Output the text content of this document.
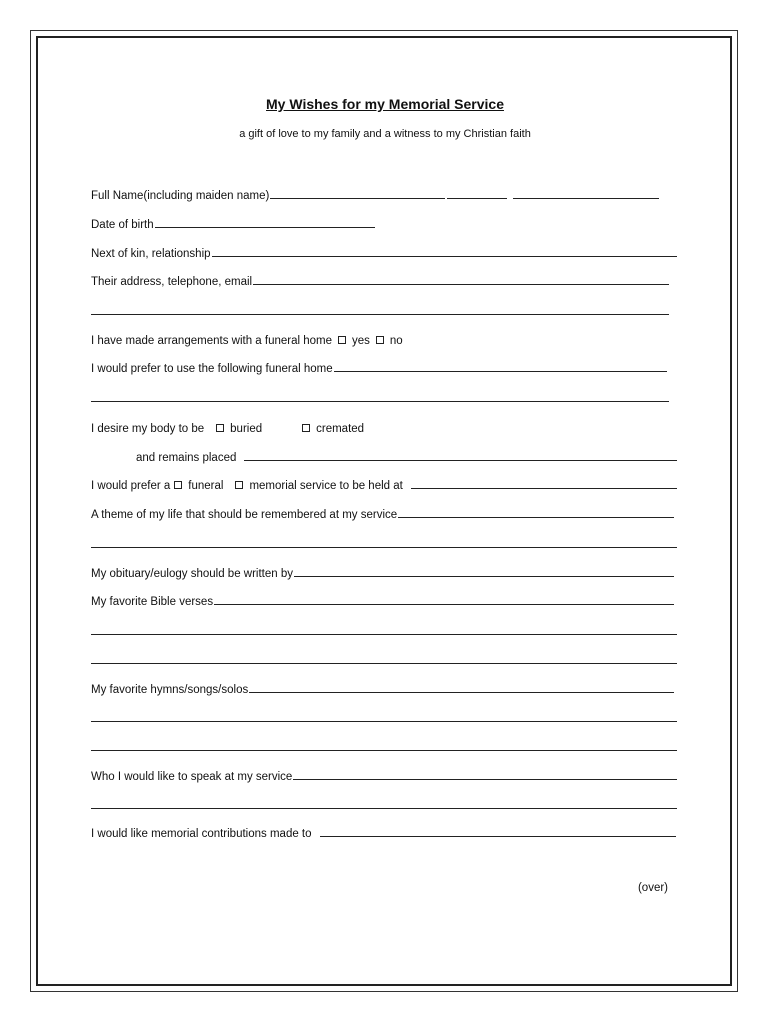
My Wishes for my Memorial Service
a gift of love to my family and a witness to my Christian faith
Full Name(including maiden name)
Date of birth
Next of kin, relationship
Their address, telephone, email
I have made arrangements with a funeral home yes no
I would prefer to use the following funeral home
I desire my body to be buried	cremated
and remains placed
I would prefer a funeral memorial service to be held at
A theme of my life that should be remembered at my service
My obituary/eulogy should be written by
My favorite Bible verses
My favorite hymns/songs/solos
Who I would like to speak at my service
I would like memorial contributions made to
(over)
